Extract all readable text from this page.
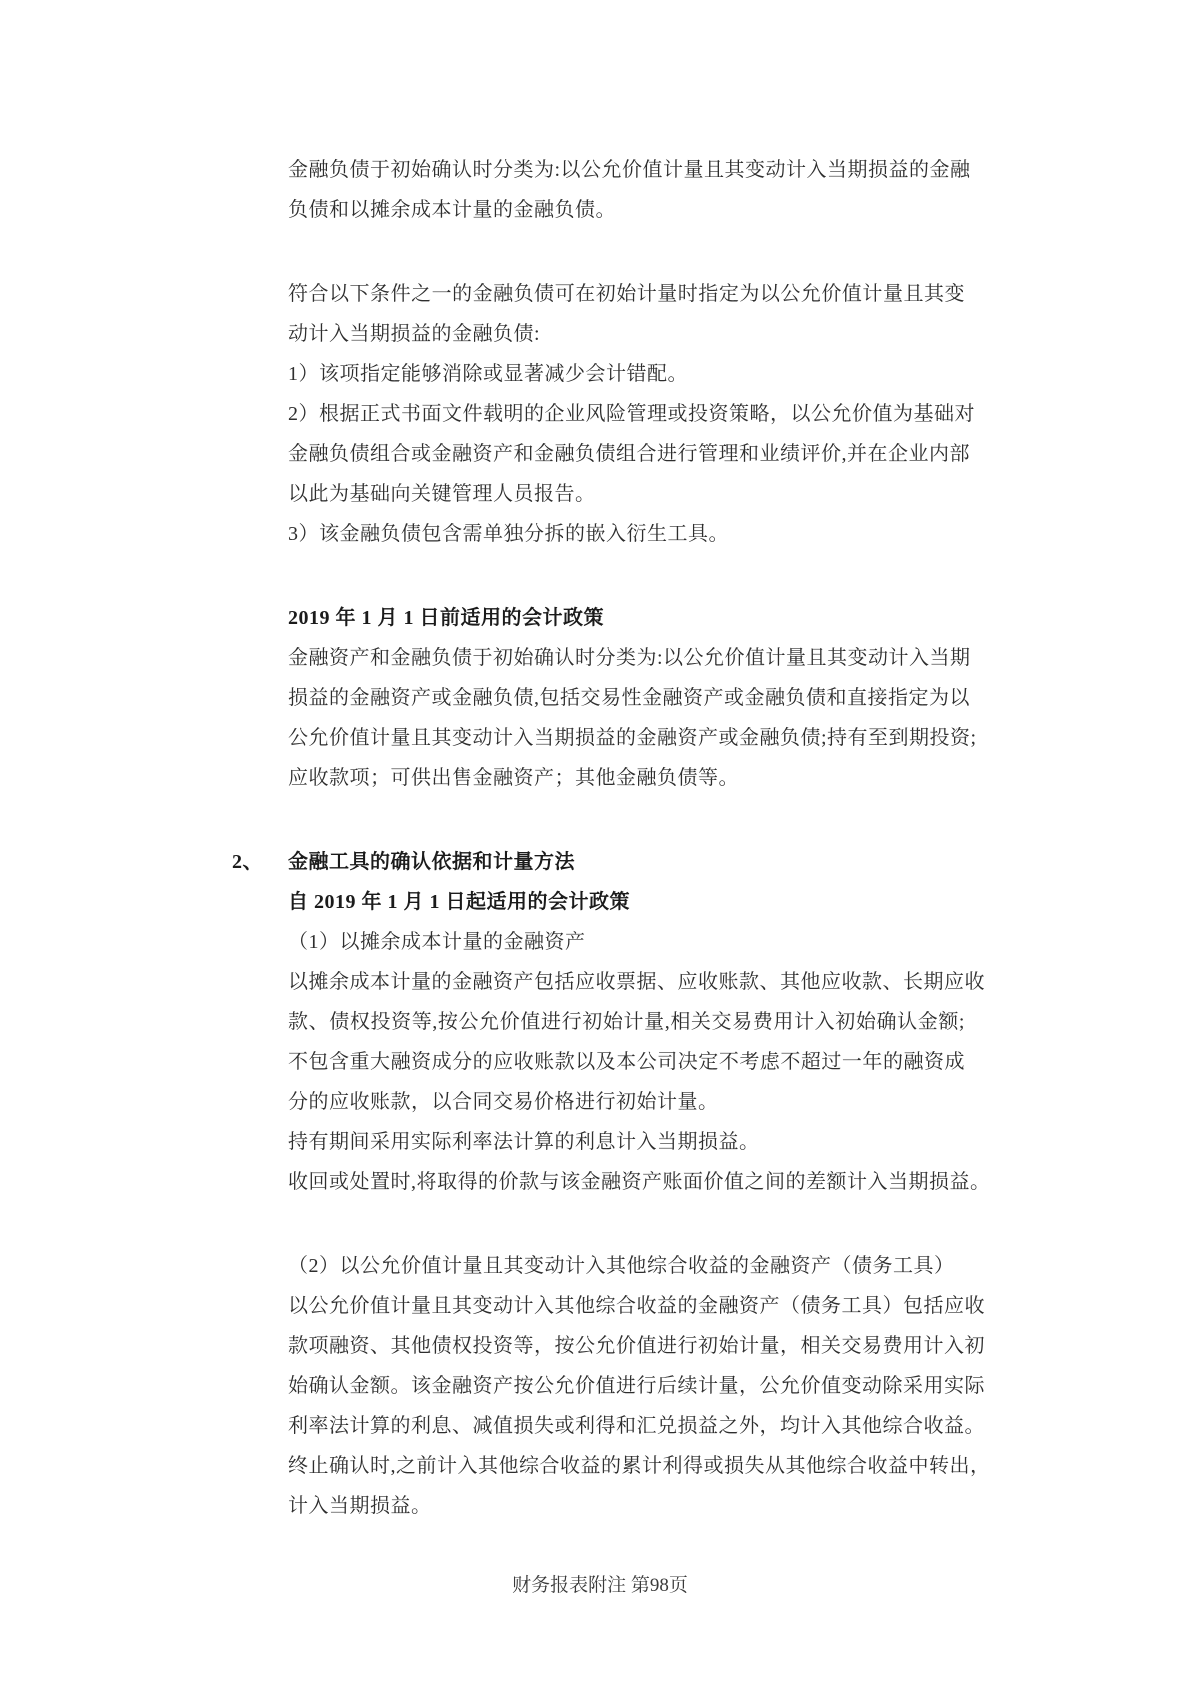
金融负债于初始确认时分类为:以公允价值计量且其变动计入当期损益的金融
负债和以摊余成本计量的金融负债。
符合以下条件之一的金融负债可在初始计量时指定为以公允价值计量且其变
动计入当期损益的金融负债:
1）该项指定能够消除或显著减少会计错配。
2）根据正式书面文件载明的企业风险管理或投资策略，以公允价值为基础对
金融负债组合或金融资产和金融负债组合进行管理和业绩评价,并在企业内部
以此为基础向关键管理人员报告。
3）该金融负债包含需单独分拆的嵌入衍生工具。
2019 年 1 月 1 日前适用的会计政策
金融资产和金融负债于初始确认时分类为:以公允价值计量且其变动计入当期
损益的金融资产或金融负债,包括交易性金融资产或金融负债和直接指定为以
公允价值计量且其变动计入当期损益的金融资产或金融负债;持有至到期投资;
应收款项；可供出售金融资产；其他金融负债等。
2、 金融工具的确认依据和计量方法
自 2019 年 1 月 1 日起适用的会计政策
（1）以摊余成本计量的金融资产
以摊余成本计量的金融资产包括应收票据、应收账款、其他应收款、长期应收
款、债权投资等,按公允价值进行初始计量,相关交易费用计入初始确认金额;
不包含重大融资成分的应收账款以及本公司决定不考虑不超过一年的融资成
分的应收账款，以合同交易价格进行初始计量。
持有期间采用实际利率法计算的利息计入当期损益。
收回或处置时,将取得的价款与该金融资产账面价值之间的差额计入当期损益。
（2）以公允价值计量且其变动计入其他综合收益的金融资产（债务工具）
以公允价值计量且其变动计入其他综合收益的金融资产（债务工具）包括应收
款项融资、其他债权投资等，按公允价值进行初始计量，相关交易费用计入初
始确认金额。该金融资产按公允价值进行后续计量，公允价值变动除采用实际
利率法计算的利息、减值损失或利得和汇兑损益之外，均计入其他综合收益。
终止确认时,之前计入其他综合收益的累计利得或损失从其他综合收益中转出，
计入当期损益。
财务报表附注 第98页
